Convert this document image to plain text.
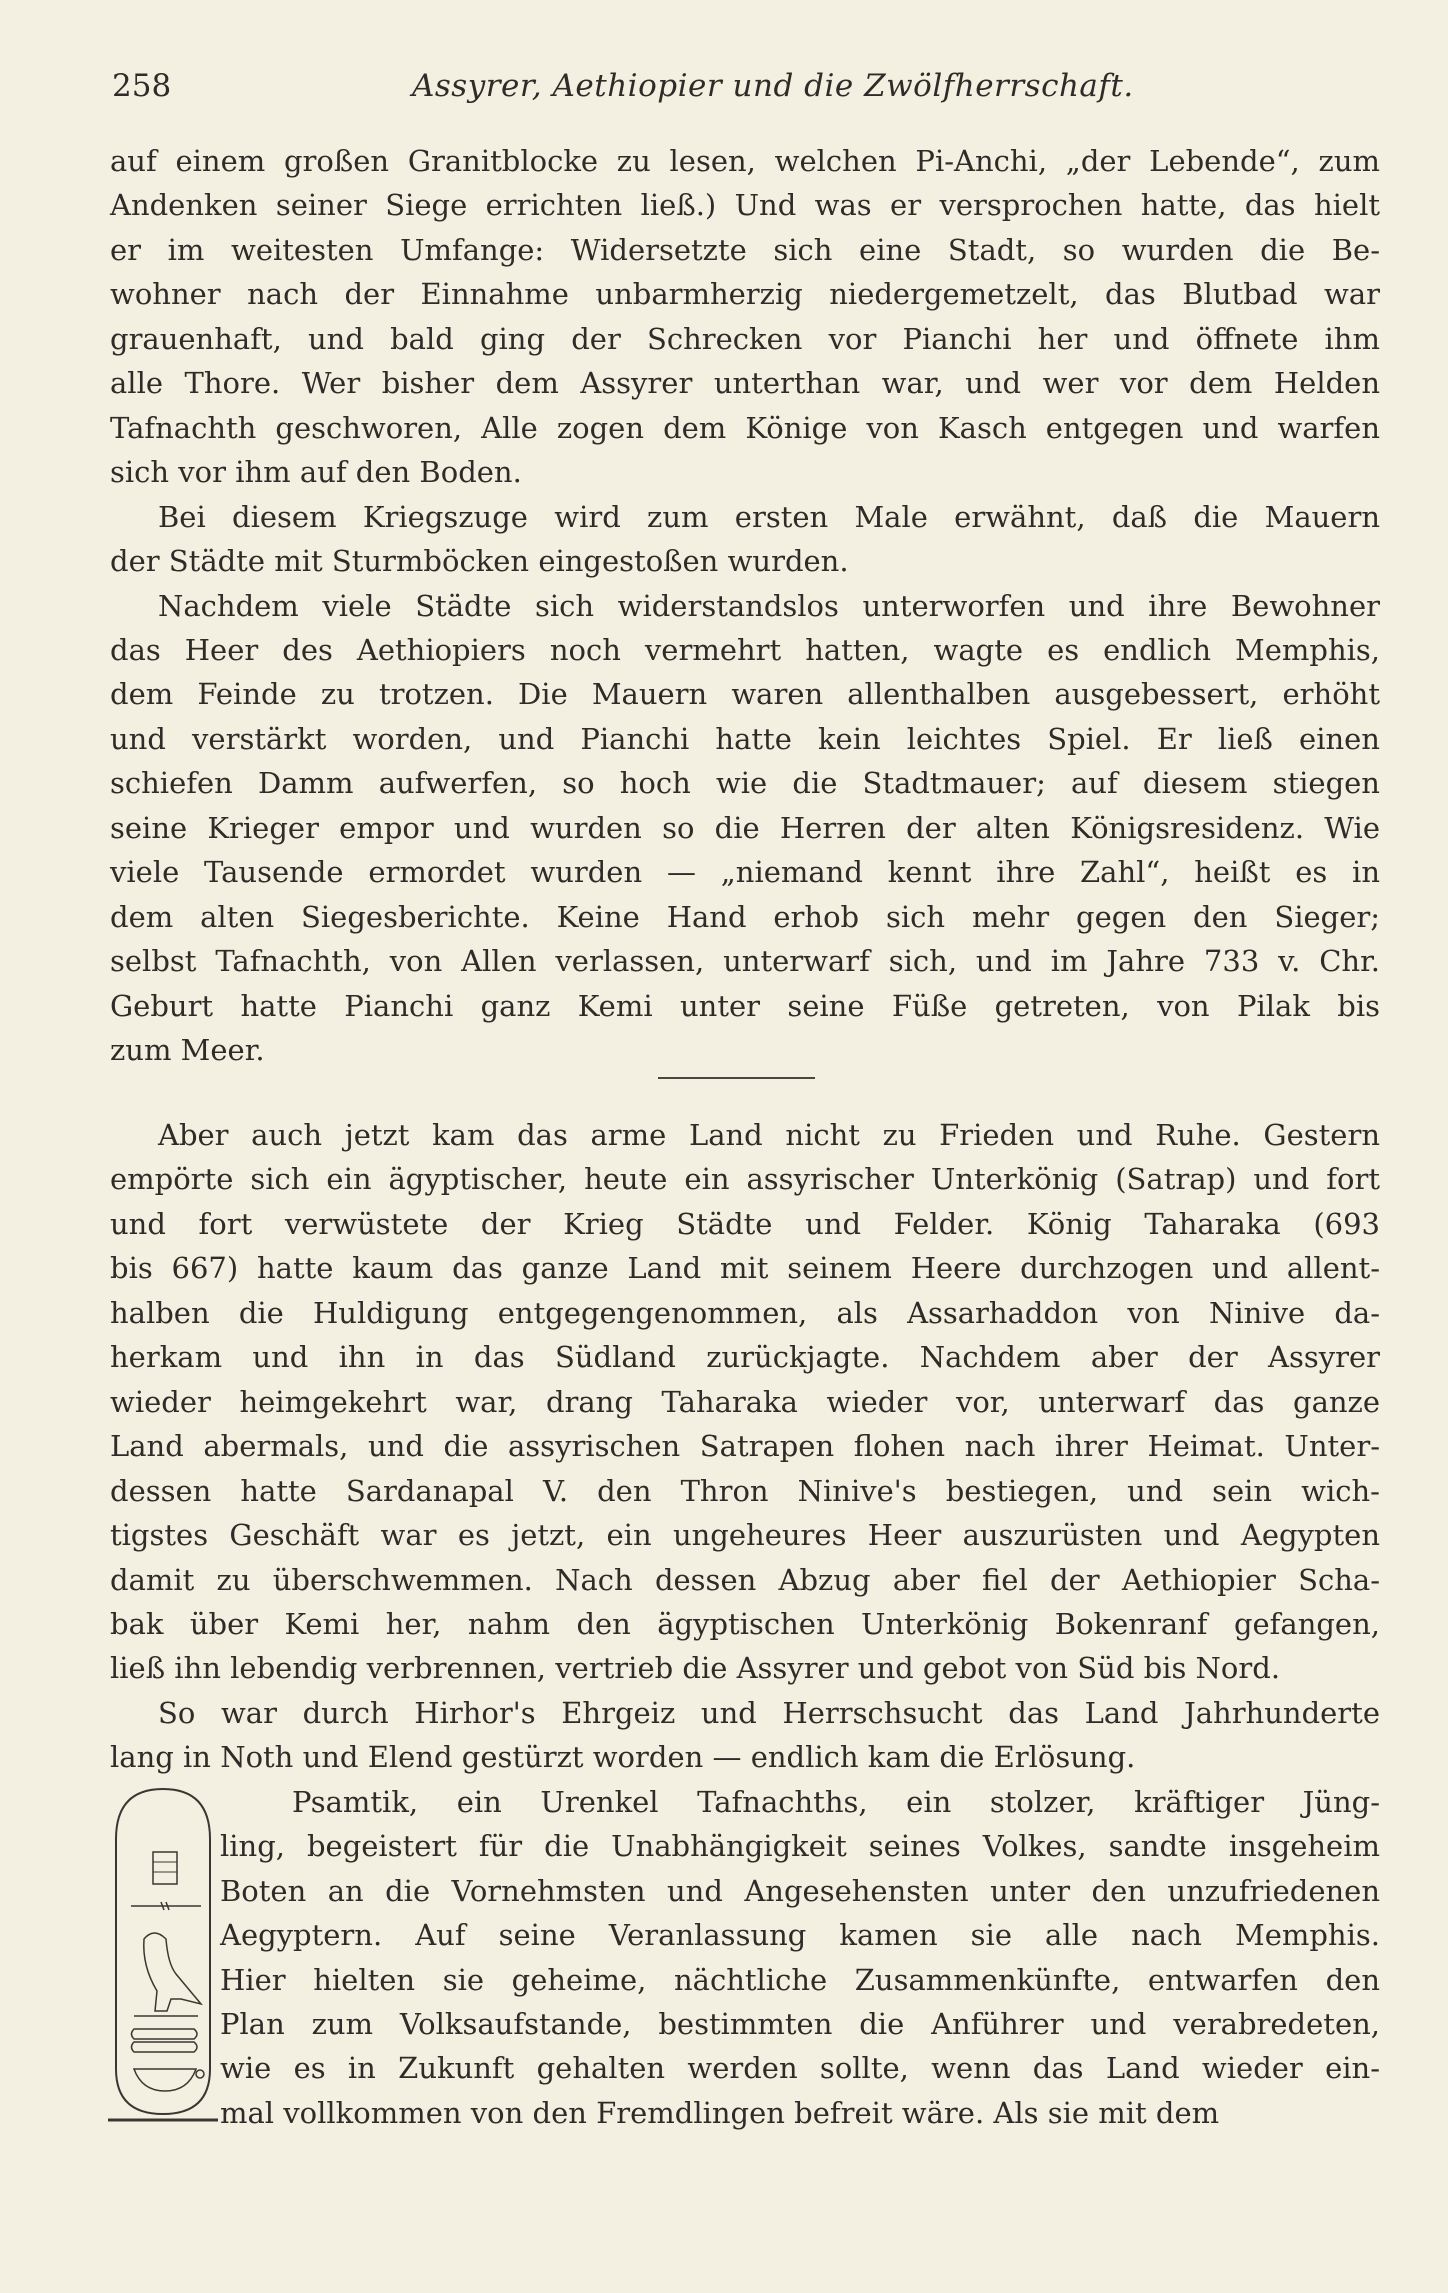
258	Assyrer, Aethiopier und die Zwölfherrschaft.
auf einem großen Granitblocke zu lesen, welchen Pi-Anchi, „der Lebende“, zum
Andenken seiner Siege errichten ließ.) Und was er versprochen hatte, das hielt
er im weitesten Umfange: Widersetzte sich eine Stadt, so wurden die Be-
wohner nach der Einnahme unbarmherzig niedergemetzelt, das Blutbad war
grauenhaft, und bald ging der Schrecken vor Pianchi her und öffnete ihm
alle Thore. Wer bisher dem Assyrer unterthan war, und wer vor dem Helden
Tafnachth geschworen, Alle zogen dem Könige von Kasch entgegen und warfen
sich vor ihm auf den Boden.
Bei diesem Kriegszuge wird zum ersten Male erwähnt, daß die Mauern
der Städte mit Sturmböcken eingestoßen wurden.
Nachdem viele Städte sich widerstandslos unterworfen und ihre Bewohner
das Heer des Aethiopiers noch vermehrt hatten, wagte es endlich Memphis,
dem Feinde zu trotzen. Die Mauern waren allenthalben ausgebessert, erhöht
und verstärkt worden, und Pianchi hatte kein leichtes Spiel. Er ließ einen
schiefen Damm aufwerfen, so hoch wie die Stadtmauer; auf diesem stiegen
seine Krieger empor und wurden so die Herren der alten Königsresidenz. Wie
viele Tausende ermordet wurden — „niemand kennt ihre Zahl“, heißt es in
dem alten Siegesberichte. Keine Hand erhob sich mehr gegen den Sieger;
selbst Tafnachth, von Allen verlassen, unterwarf sich, und im Jahre 733 v. Chr.
Geburt hatte Pianchi ganz Kemi unter seine Füße getreten, von Pilak bis
zum Meer.
Aber auch jetzt kam das arme Land nicht zu Frieden und Ruhe. Gestern
empörte sich ein ägyptischer, heute ein assyrischer Unterkönig (Satrap) und fort
und fort verwüstete der Krieg Städte und Felder. König Taharaka (693
bis 667) hatte kaum das ganze Land mit seinem Heere durchzogen und allent-
halben die Huldigung entgegengenommen, als Assarhaddon von Ninive da-
herkam und ihn in das Südland zurückjagte. Nachdem aber der Assyrer
wieder heimgekehrt war, drang Taharaka wieder vor, unterwarf das ganze
Land abermals, und die assyrischen Satrapen flohen nach ihrer Heimat. Unter-
dessen hatte Sardanapal V. den Thron Ninive's bestiegen, und sein wich-
tigstes Geschäft war es jetzt, ein ungeheures Heer auszurüsten und Aegypten
damit zu überschwemmen. Nach dessen Abzug aber fiel der Aethiopier Scha-
bak über Kemi her, nahm den ägyptischen Unterkönig Bokenranf gefangen,
ließ ihn lebendig verbrennen, vertrieb die Assyrer und gebot von Süd bis Nord.
So war durch Hirhor's Ehrgeiz und Herrschsucht das Land Jahrhunderte
lang in Noth und Elend gestürzt worden — endlich kam die Erlösung.
Psamtik, ein Urenkel Tafnachths, ein stolzer, kräftiger Jüng-
ling, begeistert für die Unabhängigkeit seines Volkes, sandte insgeheim
Boten an die Vornehmsten und Angesehensten unter den unzufriedenen
Aegyptern. Auf seine Veranlassung kamen sie alle nach Memphis.
Hier hielten sie geheime, nächtliche Zusammenkünfte, entwarfen den
Plan zum Volksaufstande, bestimmten die Anführer und verabredeten,
wie es in Zukunft gehalten werden sollte, wenn das Land wieder ein-
mal vollkommen von den Fremdlingen befreit wäre. Als sie mit dem
